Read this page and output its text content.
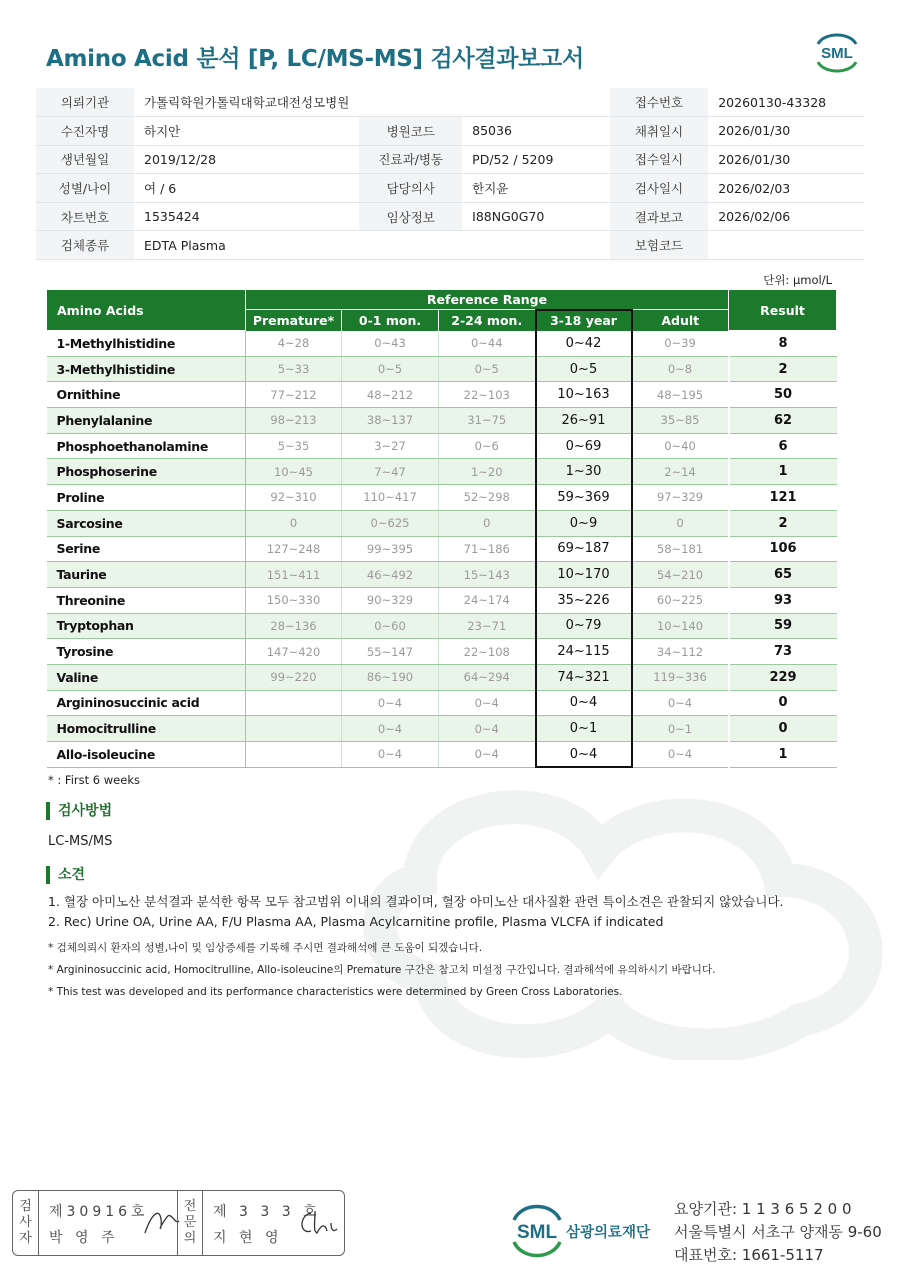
Amino Acid 분석 [P, LC/MS-MS] 검사결과보고서	SML
의뢰기관	가톨릭학원가톨릭대학교대전성모병원			접수번호	20260130-43328
수진자명	하지안	병원코드	85036	채취일시	2026/01/30
생년월일	2019/12/28	진료과/병동	PD/52 / 5209	접수일시	2026/01/30
성별/나이	여 / 6	담당의사	한지윤	검사일시	2026/02/03
차트번호	1535424	임상정보	I88NG0G70	결과보고	2026/02/06
검체종류	EDTA Plasma			보험코드	
단위: μmol/L
Amino Acids	Reference Range					Result
	Premature*	0-1 mon.	2-24 mon.	3-18 year	Adult	
1-Methylhistidine	4~28	0~43	0~44	0~42	0~39	8
3-Methylhistidine	5~33	0~5	0~5	0~5	0~8	2
Ornithine	77~212	48~212	22~103	10~163	48~195	50
Phenylalanine	98~213	38~137	31~75	26~91	35~85	62
Phosphoethanolamine	5~35	3~27	0~6	0~69	0~40	6
Phosphoserine	10~45	7~47	1~20	1~30	2~14	1
Proline	92~310	110~417	52~298	59~369	97~329	121
Sarcosine	0	0~625	0	0~9	0	2
Serine	127~248	99~395	71~186	69~187	58~181	106
Taurine	151~411	46~492	15~143	10~170	54~210	65
Threonine	150~330	90~329	24~174	35~226	60~225	93
Tryptophan	28~136	0~60	23~71	0~79	10~140	59
Tyrosine	147~420	55~147	22~108	24~115	34~112	73
Valine	99~220	86~190	64~294	74~321	119~336	229
Argininosuccinic acid		0~4	0~4	0~4	0~4	0
Homocitrulline		0~4	0~4	0~1	0~1	0
Allo-isoleucine		0~4	0~4	0~4	0~4	1
* : First 6 weeks
검사방법
LC-MS/MS
소견
1. 혈장 아미노산 분석결과 분석한 항목 모두 참고범위 이내의 결과이며, 혈장 아미노산 대사질환 관련 특이소견은 관찰되지 않았습니다.
2. Rec) Urine OA, Urine AA, F/U Plasma AA, Plasma Acylcarnitine profile, Plasma VLCFA if indicated
* 검체의뢰시 환자의 성별,나이 및 임상증세를 기록해 주시면 결과해석에 큰 도움이 되겠습니다.
* Argininosuccinic acid, Homocitrulline, Allo-isoleucine의 Premature 구간은 참고치 미설정 구간입니다. 결과해석에 유의하시기 바랍니다.
* This test was developed and its performance characteristics were determined by Green Cross Laboratories.
검
사
자
제30916호
박 영 주
전
문
의
제 3 3 3 호
지 현 영	SML 삼광의료재단
요양기관: 1 1 3 6 5 2 0 0
서울특별시 서초구 양재동 9-60
대표번호: 1661-5117
